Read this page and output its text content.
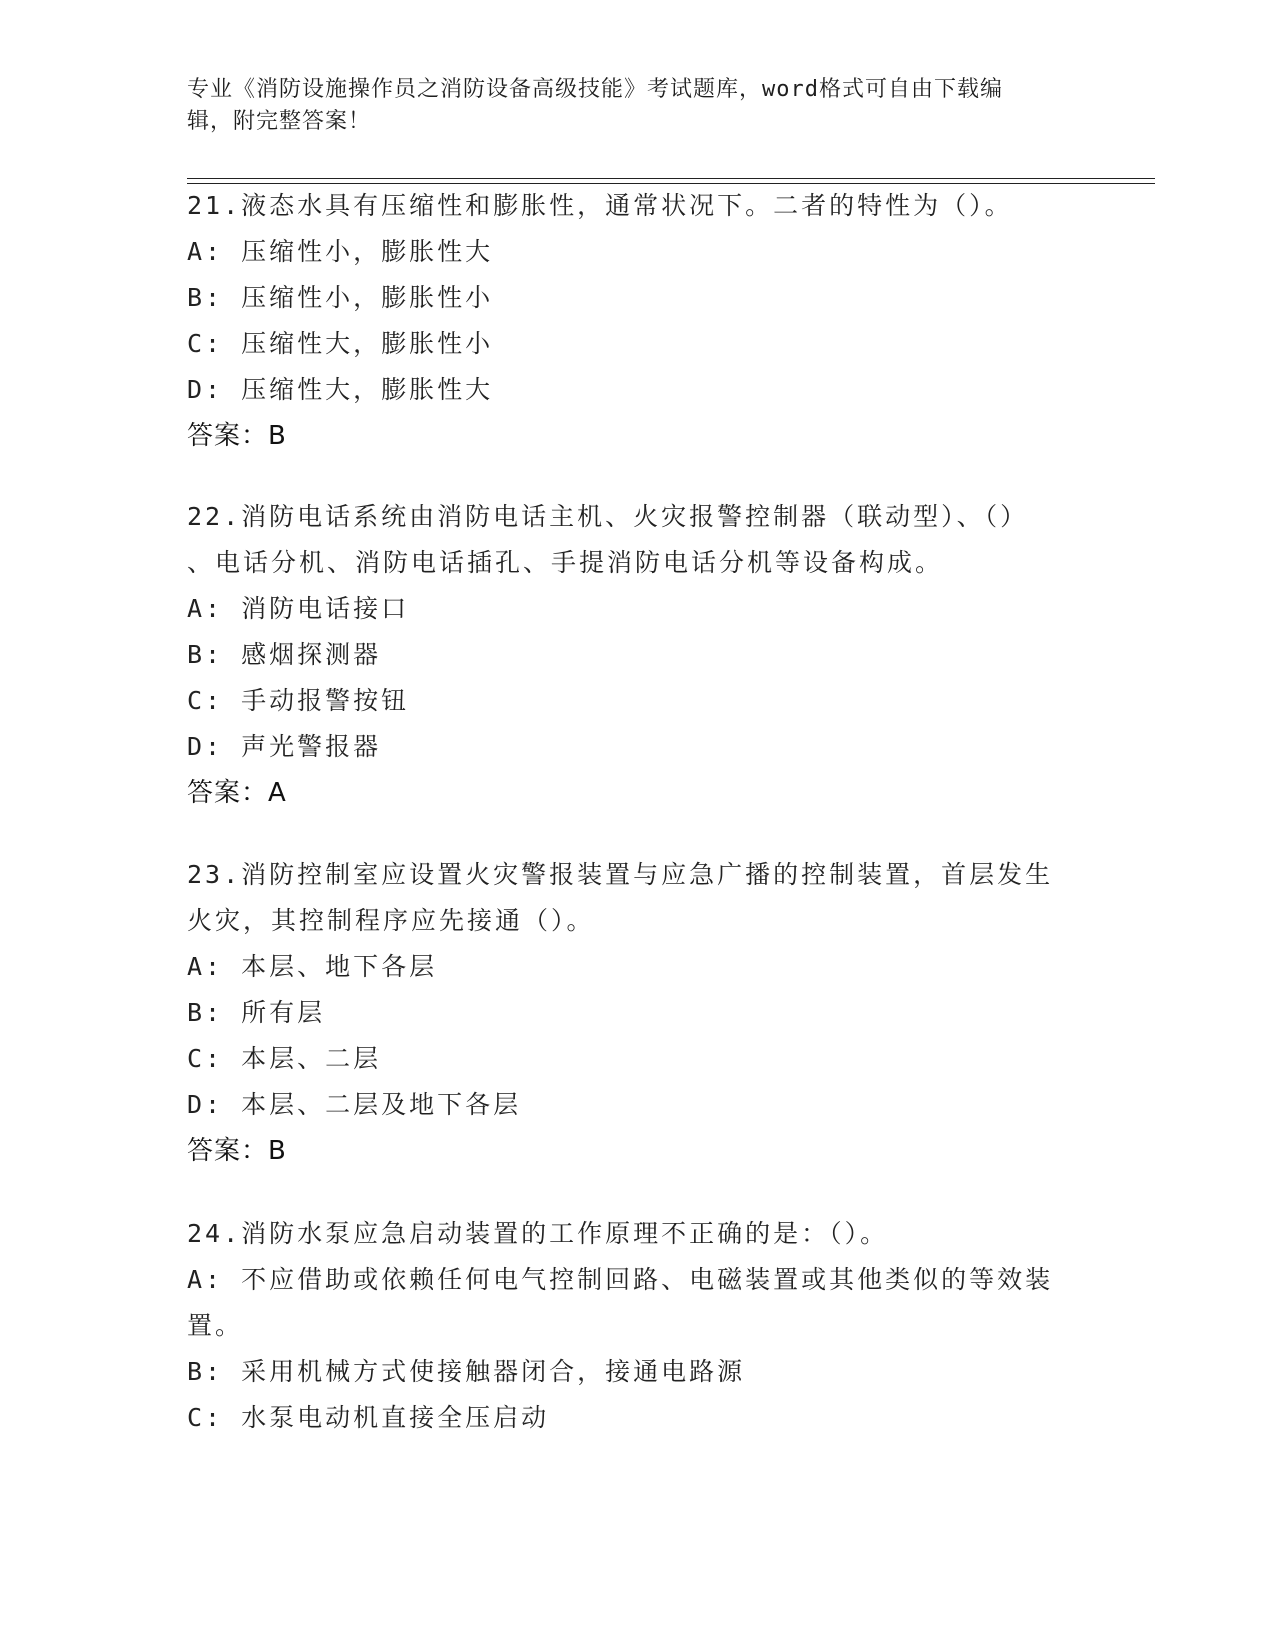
专业《消防设施操作员之消防设备高级技能》考试题库，word格式可自由下载编
辑，附完整答案！

21.液态水具有压缩性和膨胀性，通常状况下。二者的特性为（）。

A: 压缩性小，膨胀性大

B: 压缩性小，膨胀性小

C: 压缩性大，膨胀性小

D: 压缩性大，膨胀性大

答案：B

22.消防电话系统由消防电话主机、火灾报警控制器（联动型）、（）

、电话分机、消防电话插孔、手提消防电话分机等设备构成。

A: 消防电话接口

B: 感烟探测器

C: 手动报警按钮

D: 声光警报器

答案：A

23.消防控制室应设置火灾警报装置与应急广播的控制装置，首层发生

火灾，其控制程序应先接通（）。

A: 本层、地下各层

B: 所有层

C: 本层、二层

D: 本层、二层及地下各层

答案：B

24.消防水泵应急启动装置的工作原理不正确的是：（）。

A: 不应借助或依赖任何电气控制回路、电磁装置或其他类似的等效装

置。

B: 采用机械方式使接触器闭合，接通电路源

C: 水泵电动机直接全压启动
